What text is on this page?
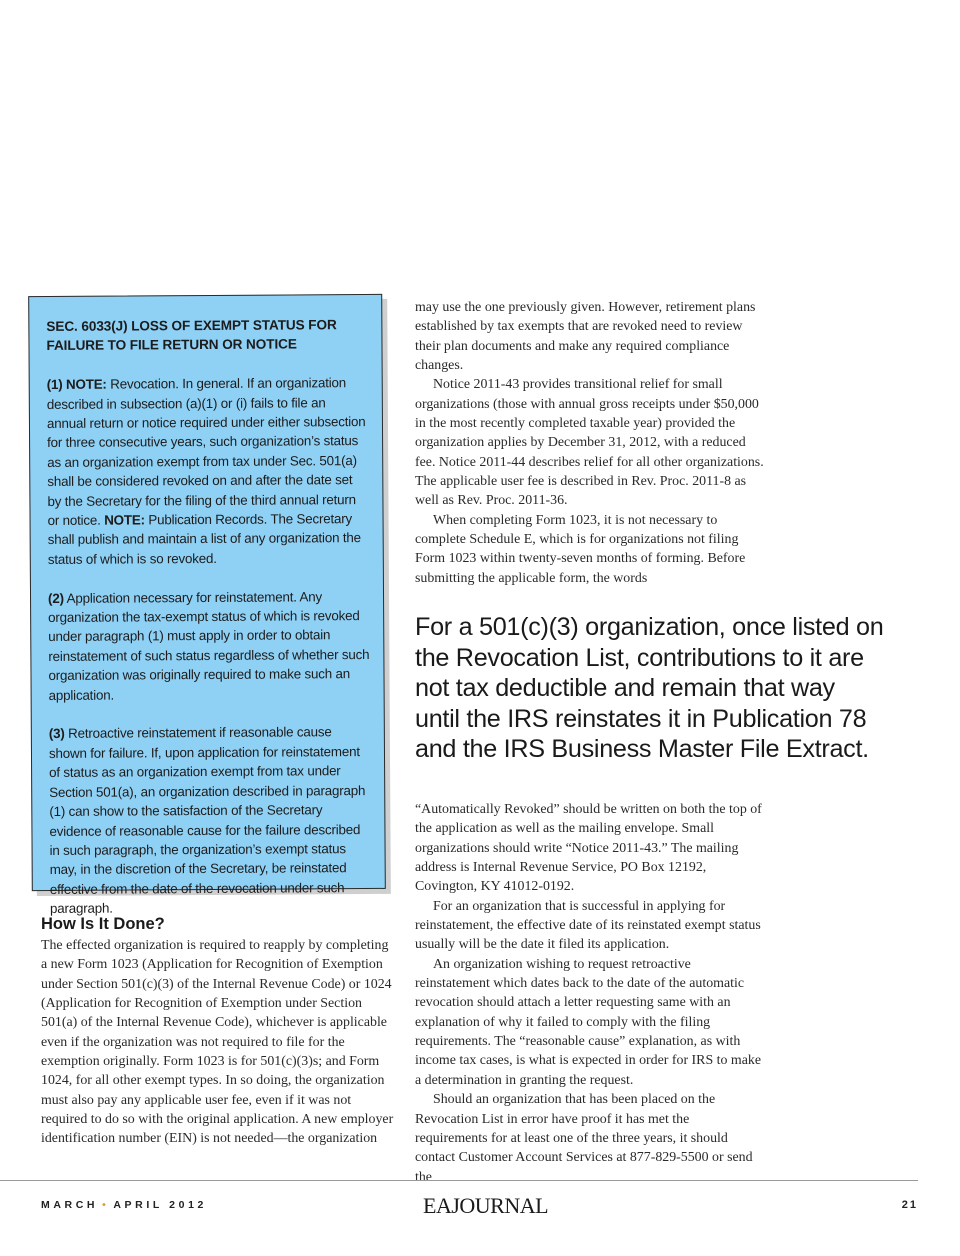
SEC. 6033(J) LOSS OF EXEMPT STATUS FOR FAILURE TO FILE RETURN OR NOTICE

(1) NOTE: Revocation. In general. If an organization described in subsection (a)(1) or (i) fails to file an annual return or notice required under either subsection for three consecutive years, such organization’s status as an organization exempt from tax under Sec. 501(a) shall be considered revoked on and after the date set by the Secretary for the filing of the third annual return or notice. NOTE: Publication Records. The Secretary shall publish and maintain a list of any organization the status of which is so revoked.

(2) Application necessary for reinstatement. Any organization the tax-exempt status of which is revoked under paragraph (1) must apply in order to obtain reinstatement of such status regardless of whether such organization was originally required to make such an application.

(3) Retroactive reinstatement if reasonable cause shown for failure. If, upon application for reinstatement of status as an organization exempt from tax under Section 501(a), an organization described in paragraph (1) can show to the satisfaction of the Secretary evidence of reasonable cause for the failure described in such paragraph, the organization’s exempt status may, in the discretion of the Secretary, be reinstated effective from the date of the revocation under such paragraph.

How Is It Done?

The effected organization is required to reapply by completing a new Form 1023 (Application for Recognition of Exemption under Section 501(c)(3) of the Internal Revenue Code) or 1024 (Application for Recognition of Exemption under Section 501(a) of the Internal Revenue Code), whichever is applicable even if the organization was not required to file for the exemption originally. Form 1023 is for 501(c)(3)s; and Form 1024, for all other exempt types. In so doing, the organization must also pay any applicable user fee, even if it was not required to do so with the original application. A new employer identification number (EIN) is not needed—the organization

may use the one previously given. However, retirement plans established by tax exempts that are revoked need to review their plan documents and make any required compliance changes.

Notice 2011-43 provides transitional relief for small organizations (those with annual gross receipts under $50,000 in the most recently completed taxable year) provided the organization applies by December 31, 2012, with a reduced fee. Notice 2011-44 describes relief for all other organizations. The applicable user fee is described in Rev. Proc. 2011-8 as well as Rev. Proc. 2011-36.

When completing Form 1023, it is not necessary to complete Schedule E, which is for organizations not filing Form 1023 within twenty-seven months of forming. Before submitting the applicable form, the words

For a 501(c)(3) organization, once listed on the Revocation List, contributions to it are not tax deductible and remain that way until the IRS reinstates it in Publication 78 and the IRS Business Master File Extract.

“Automatically Revoked” should be written on both the top of the application as well as the mailing envelope. Small organizations should write “Notice 2011-43.” The mailing address is Internal Revenue Service, PO Box 12192, Covington, KY 41012-0192.

For an organization that is successful in applying for reinstatement, the effective date of its reinstated exempt status usually will be the date it filed its application.

An organization wishing to request retroactive reinstatement which dates back to the date of the automatic revocation should attach a letter requesting same with an explanation of why it failed to comply with the filing requirements. The “reasonable cause” explanation, as with income tax cases, is what is expected in order for IRS to make a determination in granting the request.

Should an organization that has been placed on the Revocation List in error have proof it has met the requirements for at least one of the three years, it should contact Customer Account Services at 877-829-5500 or send the

MARCH • APRIL 2012	EAJOURNAL	21
